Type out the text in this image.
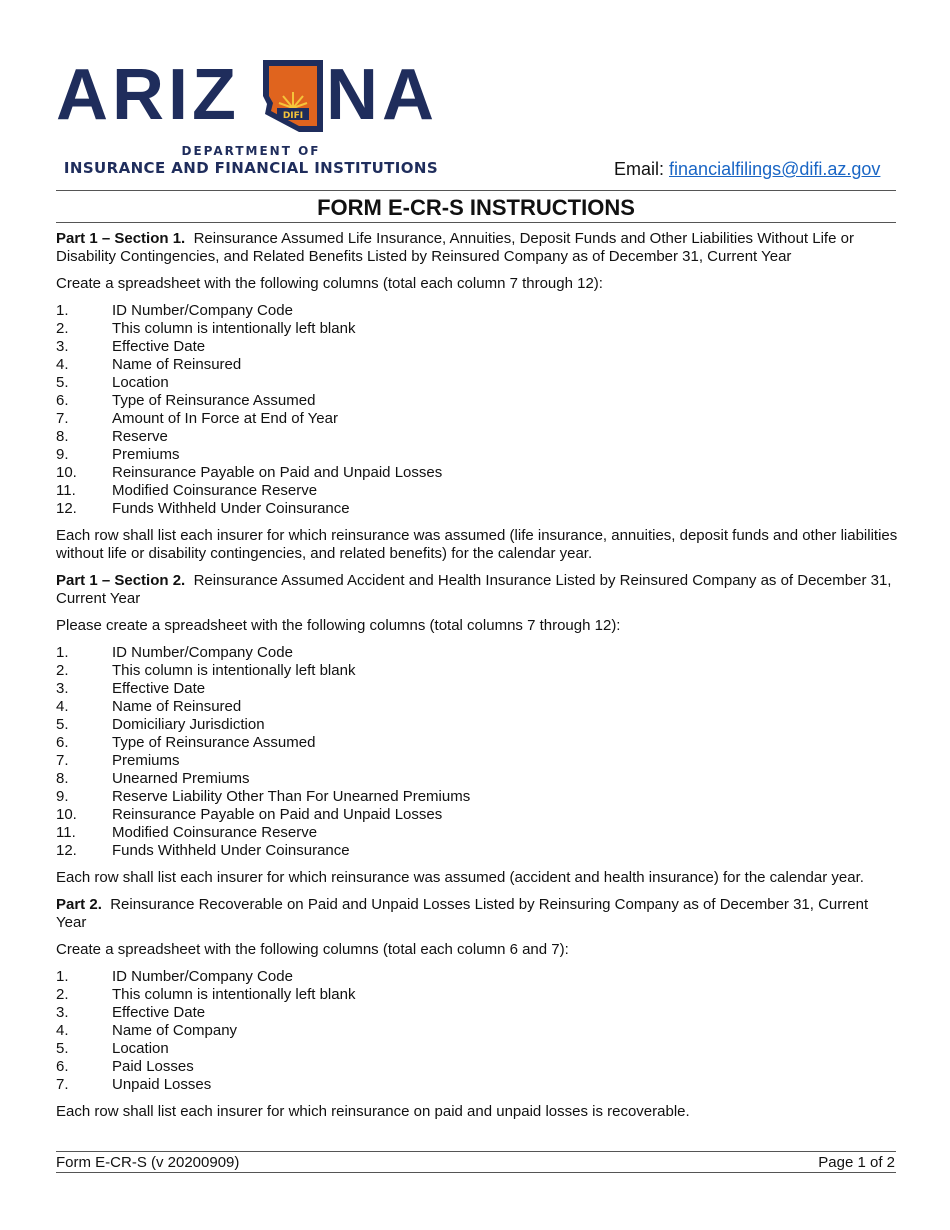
ARIZ	DIFI NA
DEPARTMENT OF
INSURANCE AND FINANCIAL INSTITUTIONS	Email: financialfilings@difi.az.gov
FORM E-CR-S INSTRUCTIONS

Part 1 – Section 1. Reinsurance Assumed Life Insurance, Annuities, Deposit Funds and Other Liabilities Without Life or Disability Contingencies, and Related Benefits Listed by Reinsured Company as of December 31, Current Year

Create a spreadsheet with the following columns (total each column 7 through 12):

1.	ID Number/Company Code
2.	This column is intentionally left blank
3.	Effective Date
4.	Name of Reinsured
5.	Location
6.	Type of Reinsurance Assumed
7.	Amount of In Force at End of Year
8.	Reserve
9.	Premiums
10.	Reinsurance Payable on Paid and Unpaid Losses
11.	Modified Coinsurance Reserve
12.	Funds Withheld Under Coinsurance

Each row shall list each insurer for which reinsurance was assumed (life insurance, annuities, deposit funds and other liabilities without life or disability contingencies, and related benefits) for the calendar year.

Part 1 – Section 2. Reinsurance Assumed Accident and Health Insurance Listed by Reinsured Company as of December 31, Current Year

Please create a spreadsheet with the following columns (total columns 7 through 12):

1.	ID Number/Company Code
2.	This column is intentionally left blank
3.	Effective Date
4.	Name of Reinsured
5.	Domiciliary Jurisdiction
6.	Type of Reinsurance Assumed
7.	Premiums
8.	Unearned Premiums
9.	Reserve Liability Other Than For Unearned Premiums
10.	Reinsurance Payable on Paid and Unpaid Losses
11.	Modified Coinsurance Reserve
12.	Funds Withheld Under Coinsurance

Each row shall list each insurer for which reinsurance was assumed (accident and health insurance) for the calendar year.

Part 2. Reinsurance Recoverable on Paid and Unpaid Losses Listed by Reinsuring Company as of December 31, Current Year

Create a spreadsheet with the following columns (total each column 6 and 7):

1.	ID Number/Company Code
2.	This column is intentionally left blank
3.	Effective Date
4.	Name of Company
5.	Location
6.	Paid Losses
7.	Unpaid Losses

Each row shall list each insurer for which reinsurance on paid and unpaid losses is recoverable.

Form E-CR-S (v 20200909)	Page 1 of 2
